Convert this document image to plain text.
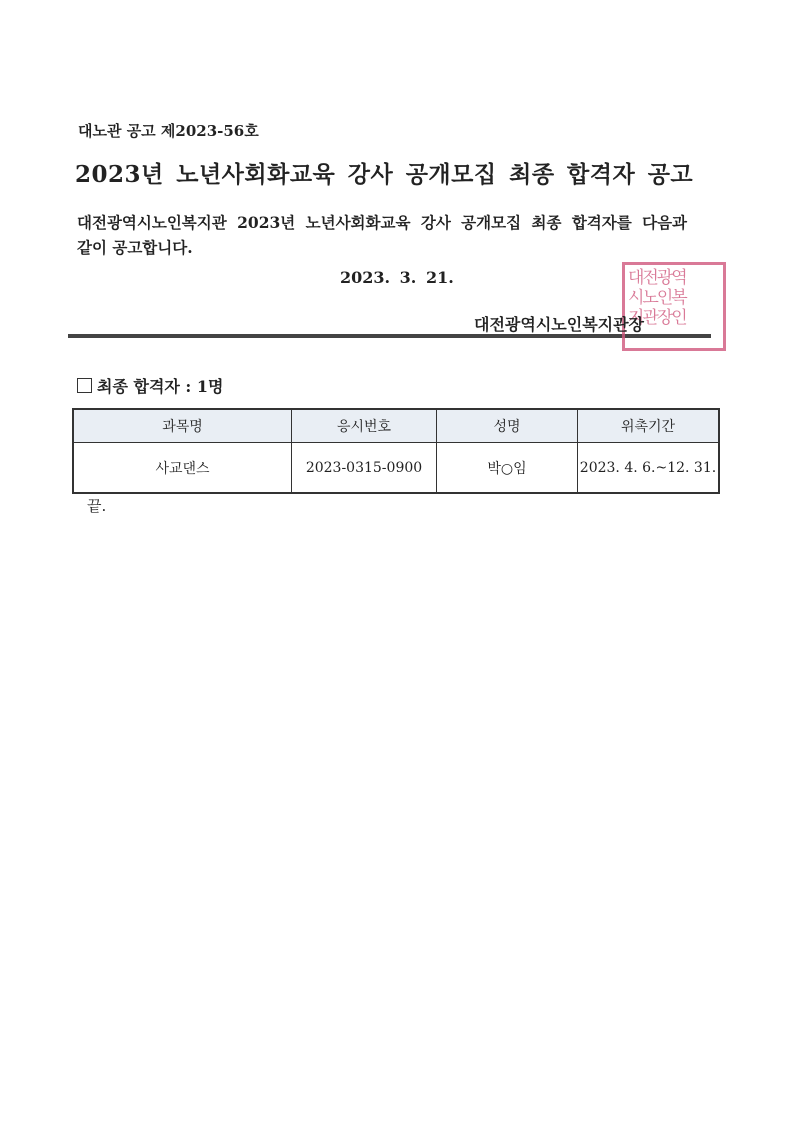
대노관 공고 제2023-56호
2023년 노년사회화교육 강사 공개모집 최종 합격자 공고
대전광역시노인복지관 2023년 노년사회화교육 강사 공개모집 최종 합격자를 다음과
같이 공고합니다.
2023. 3. 21.	대전광역
시노인복
지관장인
대전광역시노인복지관장
최종 합격자 : 1명
과목명	응시번호	성명	위촉기간
사교댄스	2023-0315-0900	박○임	2023. 4. 6.~12. 31.
끝.
